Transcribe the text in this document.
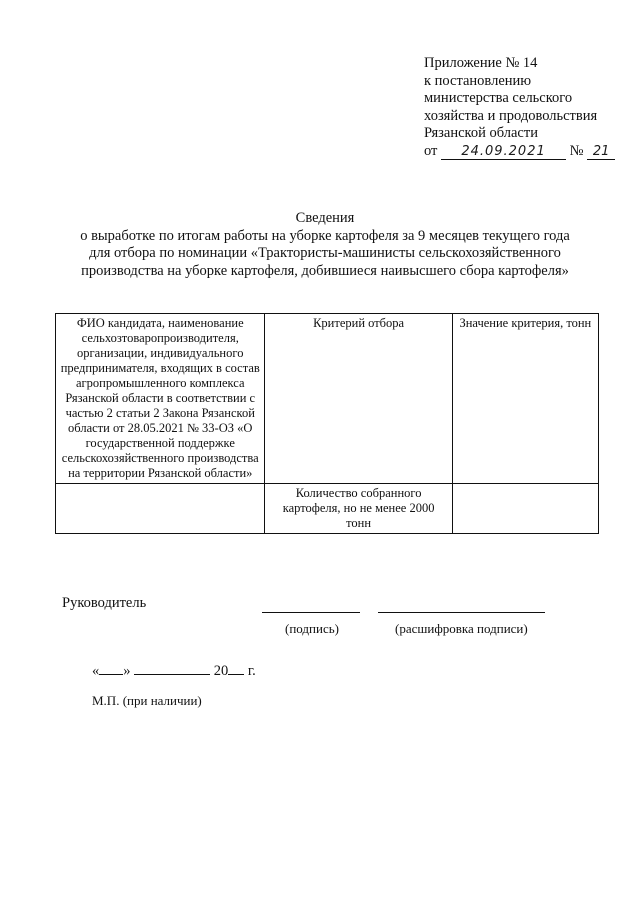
Приложение № 14
к постановлению
министерства сельского
хозяйства и продовольствия
Рязанской области
от 24.09.2021 № 21
Сведения
о выработке по итогам работы на уборке картофеля за 9 месяцев текущего года
для отбора по номинации «Трактористы-машинисты сельскохозяйственного
производства на уборке картофеля, добившиеся наивысшего сбора картофеля»
ФИО кандидата, наименование сельхозтоваропроизводителя, организации, индивидуального предпринимателя, входящих в состав агропромышленного комплекса Рязанской области в соответствии с частью 2 статьи 2 Закона Рязанской области от 28.05.2021 № 33-ОЗ «О государственной поддержке сельскохозяйственного производства на территории Рязанской области»	Критерий отбора	Значение критерия, тонн
	Количество собранного картофеля, но не менее 2000 тонн	
Руководитель
(подпись)	(расшифровка подписи)
« »	20 г.
М.П. (при наличии)
